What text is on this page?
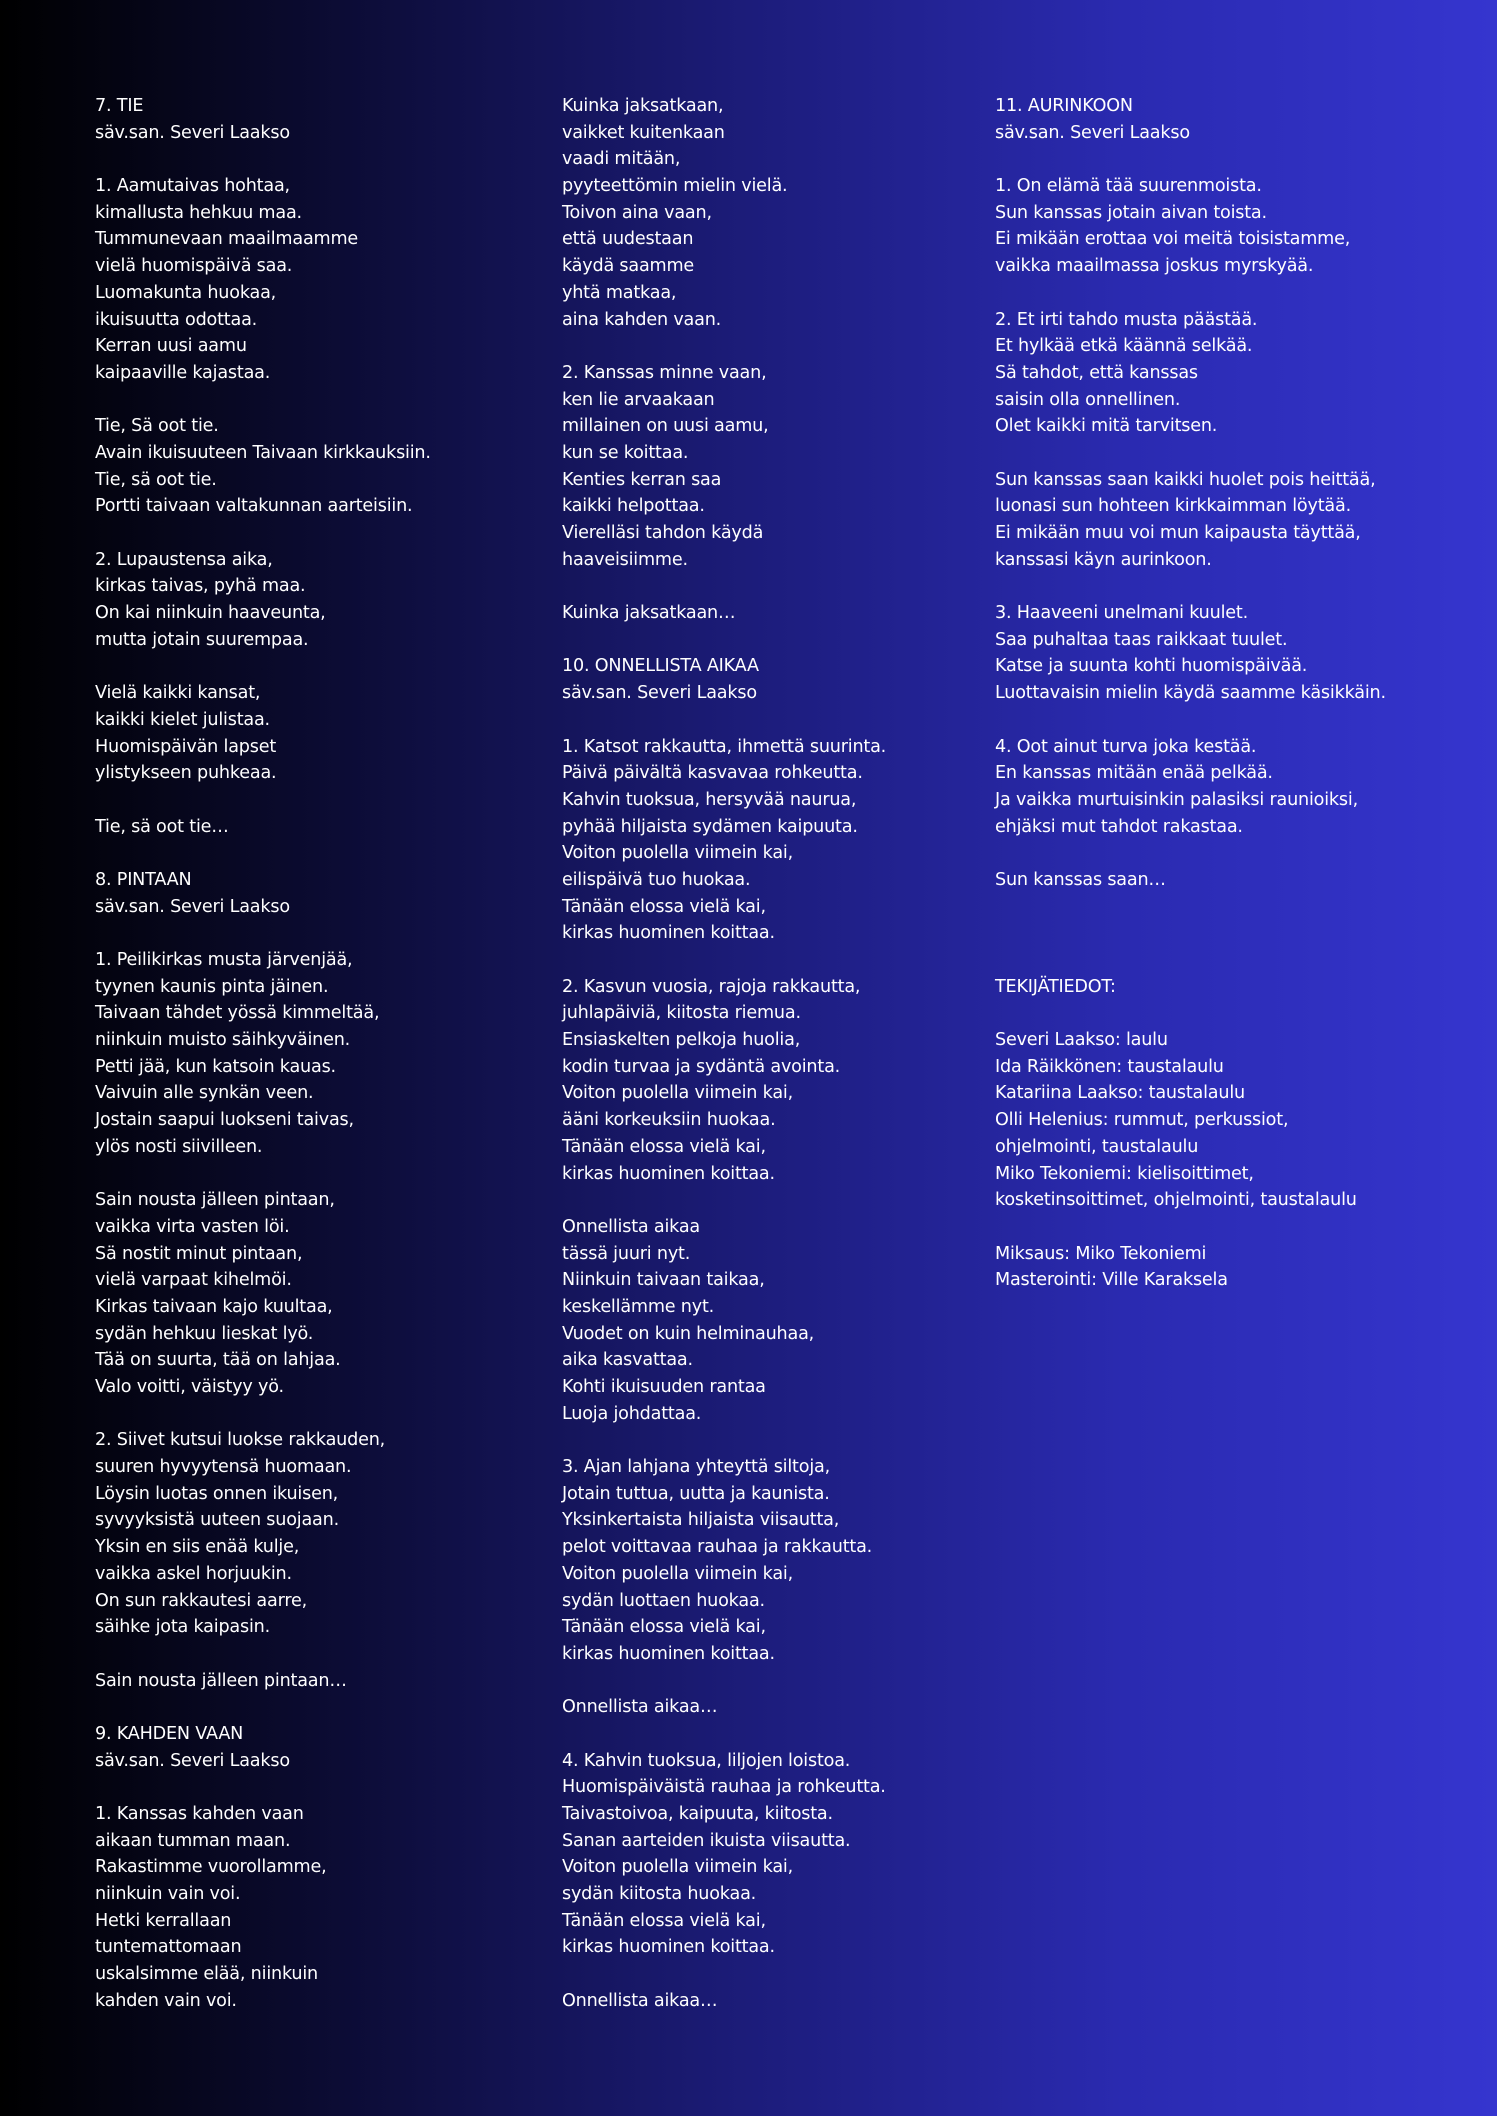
7. TIE
säv.san. Severi Laakso
1. Aamutaivas hohtaa,
kimallusta hehkuu maa.
Tummunevaan maailmaamme
vielä huomispäivä saa.
Luomakunta huokaa,
ikuisuutta odottaa.
Kerran uusi aamu
kaipaaville kajastaa.
Tie, Sä oot tie.
Avain ikuisuuteen Taivaan kirkkauksiin.
Tie, sä oot tie.
Portti taivaan valtakunnan aarteisiin.
2. Lupaustensa aika,
kirkas taivas, pyhä maa.
On kai niinkuin haaveunta,
mutta jotain suurempaa.
Vielä kaikki kansat,
kaikki kielet julistaa.
Huomispäivän lapset
ylistykseen puhkeaa.
Tie, sä oot tie…
8. PINTAAN
säv.san. Severi Laakso
1. Peilikirkas musta järvenjää,
tyynen kaunis pinta jäinen.
Taivaan tähdet yössä kimmeltää,
niinkuin muisto säihkyväinen.
Petti jää, kun katsoin kauas.
Vaivuin alle synkän veen.
Jostain saapui luokseni taivas,
ylös nosti siivilleen.
Sain nousta jälleen pintaan,
vaikka virta vasten löi.
Sä nostit minut pintaan,
vielä varpaat kihelmöi.
Kirkas taivaan kajo kuultaa,
sydän hehkuu lieskat lyö.
Tää on suurta, tää on lahjaa.
Valo voitti, väistyy yö.
2. Siivet kutsui luokse rakkauden,
suuren hyvyytensä huomaan.
Löysin luotas onnen ikuisen,
syvyyksistä uuteen suojaan.
Yksin en siis enää kulje,
vaikka askel horjuukin.
On sun rakkautesi aarre,
säihke jota kaipasin.
Sain nousta jälleen pintaan…
9. KAHDEN VAAN
säv.san. Severi Laakso
1. Kanssas kahden vaan
aikaan tumman maan.
Rakastimme vuorollamme,
niinkuin vain voi.
Hetki kerrallaan
tuntemattomaan
uskalsimme elää, niinkuin
kahden vain voi.
Kuinka jaksatkaan,
vaikket kuitenkaan
vaadi mitään,
pyyteettömin mielin vielä.
Toivon aina vaan,
että uudestaan
käydä saamme
yhtä matkaa,
aina kahden vaan.
2. Kanssas minne vaan,
ken lie arvaakaan
millainen on uusi aamu,
kun se koittaa.
Kenties kerran saa
kaikki helpottaa.
Vierelläsi tahdon käydä
haaveisiimme.
Kuinka jaksatkaan…
10. ONNELLISTA AIKAA
säv.san. Severi Laakso
1. Katsot rakkautta, ihmettä suurinta.
Päivä päivältä kasvavaa rohkeutta.
Kahvin tuoksua, hersyvää naurua,
pyhää hiljaista sydämen kaipuuta.
Voiton puolella viimein kai,
eilispäivä tuo huokaa.
Tänään elossa vielä kai,
kirkas huominen koittaa.
2. Kasvun vuosia, rajoja rakkautta,
juhlapäiviä, kiitosta riemua.
Ensiaskelten pelkoja huolia,
kodin turvaa ja sydäntä avointa.
Voiton puolella viimein kai,
ääni korkeuksiin huokaa.
Tänään elossa vielä kai,
kirkas huominen koittaa.
Onnellista aikaa
tässä juuri nyt.
Niinkuin taivaan taikaa,
keskellämme nyt.
Vuodet on kuin helminauhaa,
aika kasvattaa.
Kohti ikuisuuden rantaa
Luoja johdattaa.
3. Ajan lahjana yhteyttä siltoja,
Jotain tuttua, uutta ja kaunista.
Yksinkertaista hiljaista viisautta,
pelot voittavaa rauhaa ja rakkautta.
Voiton puolella viimein kai,
sydän luottaen huokaa.
Tänään elossa vielä kai,
kirkas huominen koittaa.
Onnellista aikaa…
4. Kahvin tuoksua, liljojen loistoa.
Huomispäiväistä rauhaa ja rohkeutta.
Taivastoivoa, kaipuuta, kiitosta.
Sanan aarteiden ikuista viisautta.
Voiton puolella viimein kai,
sydän kiitosta huokaa.
Tänään elossa vielä kai,
kirkas huominen koittaa.
Onnellista aikaa…
11. AURINKOON
säv.san. Severi Laakso
1. On elämä tää suurenmoista.
Sun kanssas jotain aivan toista.
Ei mikään erottaa voi meitä toisistamme,
vaikka maailmassa joskus myrskyää.
2. Et irti tahdo musta päästää.
Et hylkää etkä käännä selkää.
Sä tahdot, että kanssas
saisin olla onnellinen.
Olet kaikki mitä tarvitsen.
Sun kanssas saan kaikki huolet pois heittää,
luonasi sun hohteen kirkkaimman löytää.
Ei mikään muu voi mun kaipausta täyttää,
kanssasi käyn aurinkoon.
3. Haaveeni unelmani kuulet.
Saa puhaltaa taas raikkaat tuulet.
Katse ja suunta kohti huomispäivää.
Luottavaisin mielin käydä saamme käsikkäin.
4. Oot ainut turva joka kestää.
En kanssas mitään enää pelkää.
Ja vaikka murtuisinkin palasiksi raunioiksi,
ehjäksi mut tahdot rakastaa.
Sun kanssas saan…
TEKIJÄTIEDOT:
Severi Laakso: laulu
Ida Räikkönen: taustalaulu
Katariina Laakso: taustalaulu
Olli Helenius: rummut, perkussiot,
ohjelmointi, taustalaulu
Miko Tekoniemi: kielisoittimet,
kosketinsoittimet, ohjelmointi, taustalaulu
Miksaus: Miko Tekoniemi
Masterointi: Ville Karaksela
